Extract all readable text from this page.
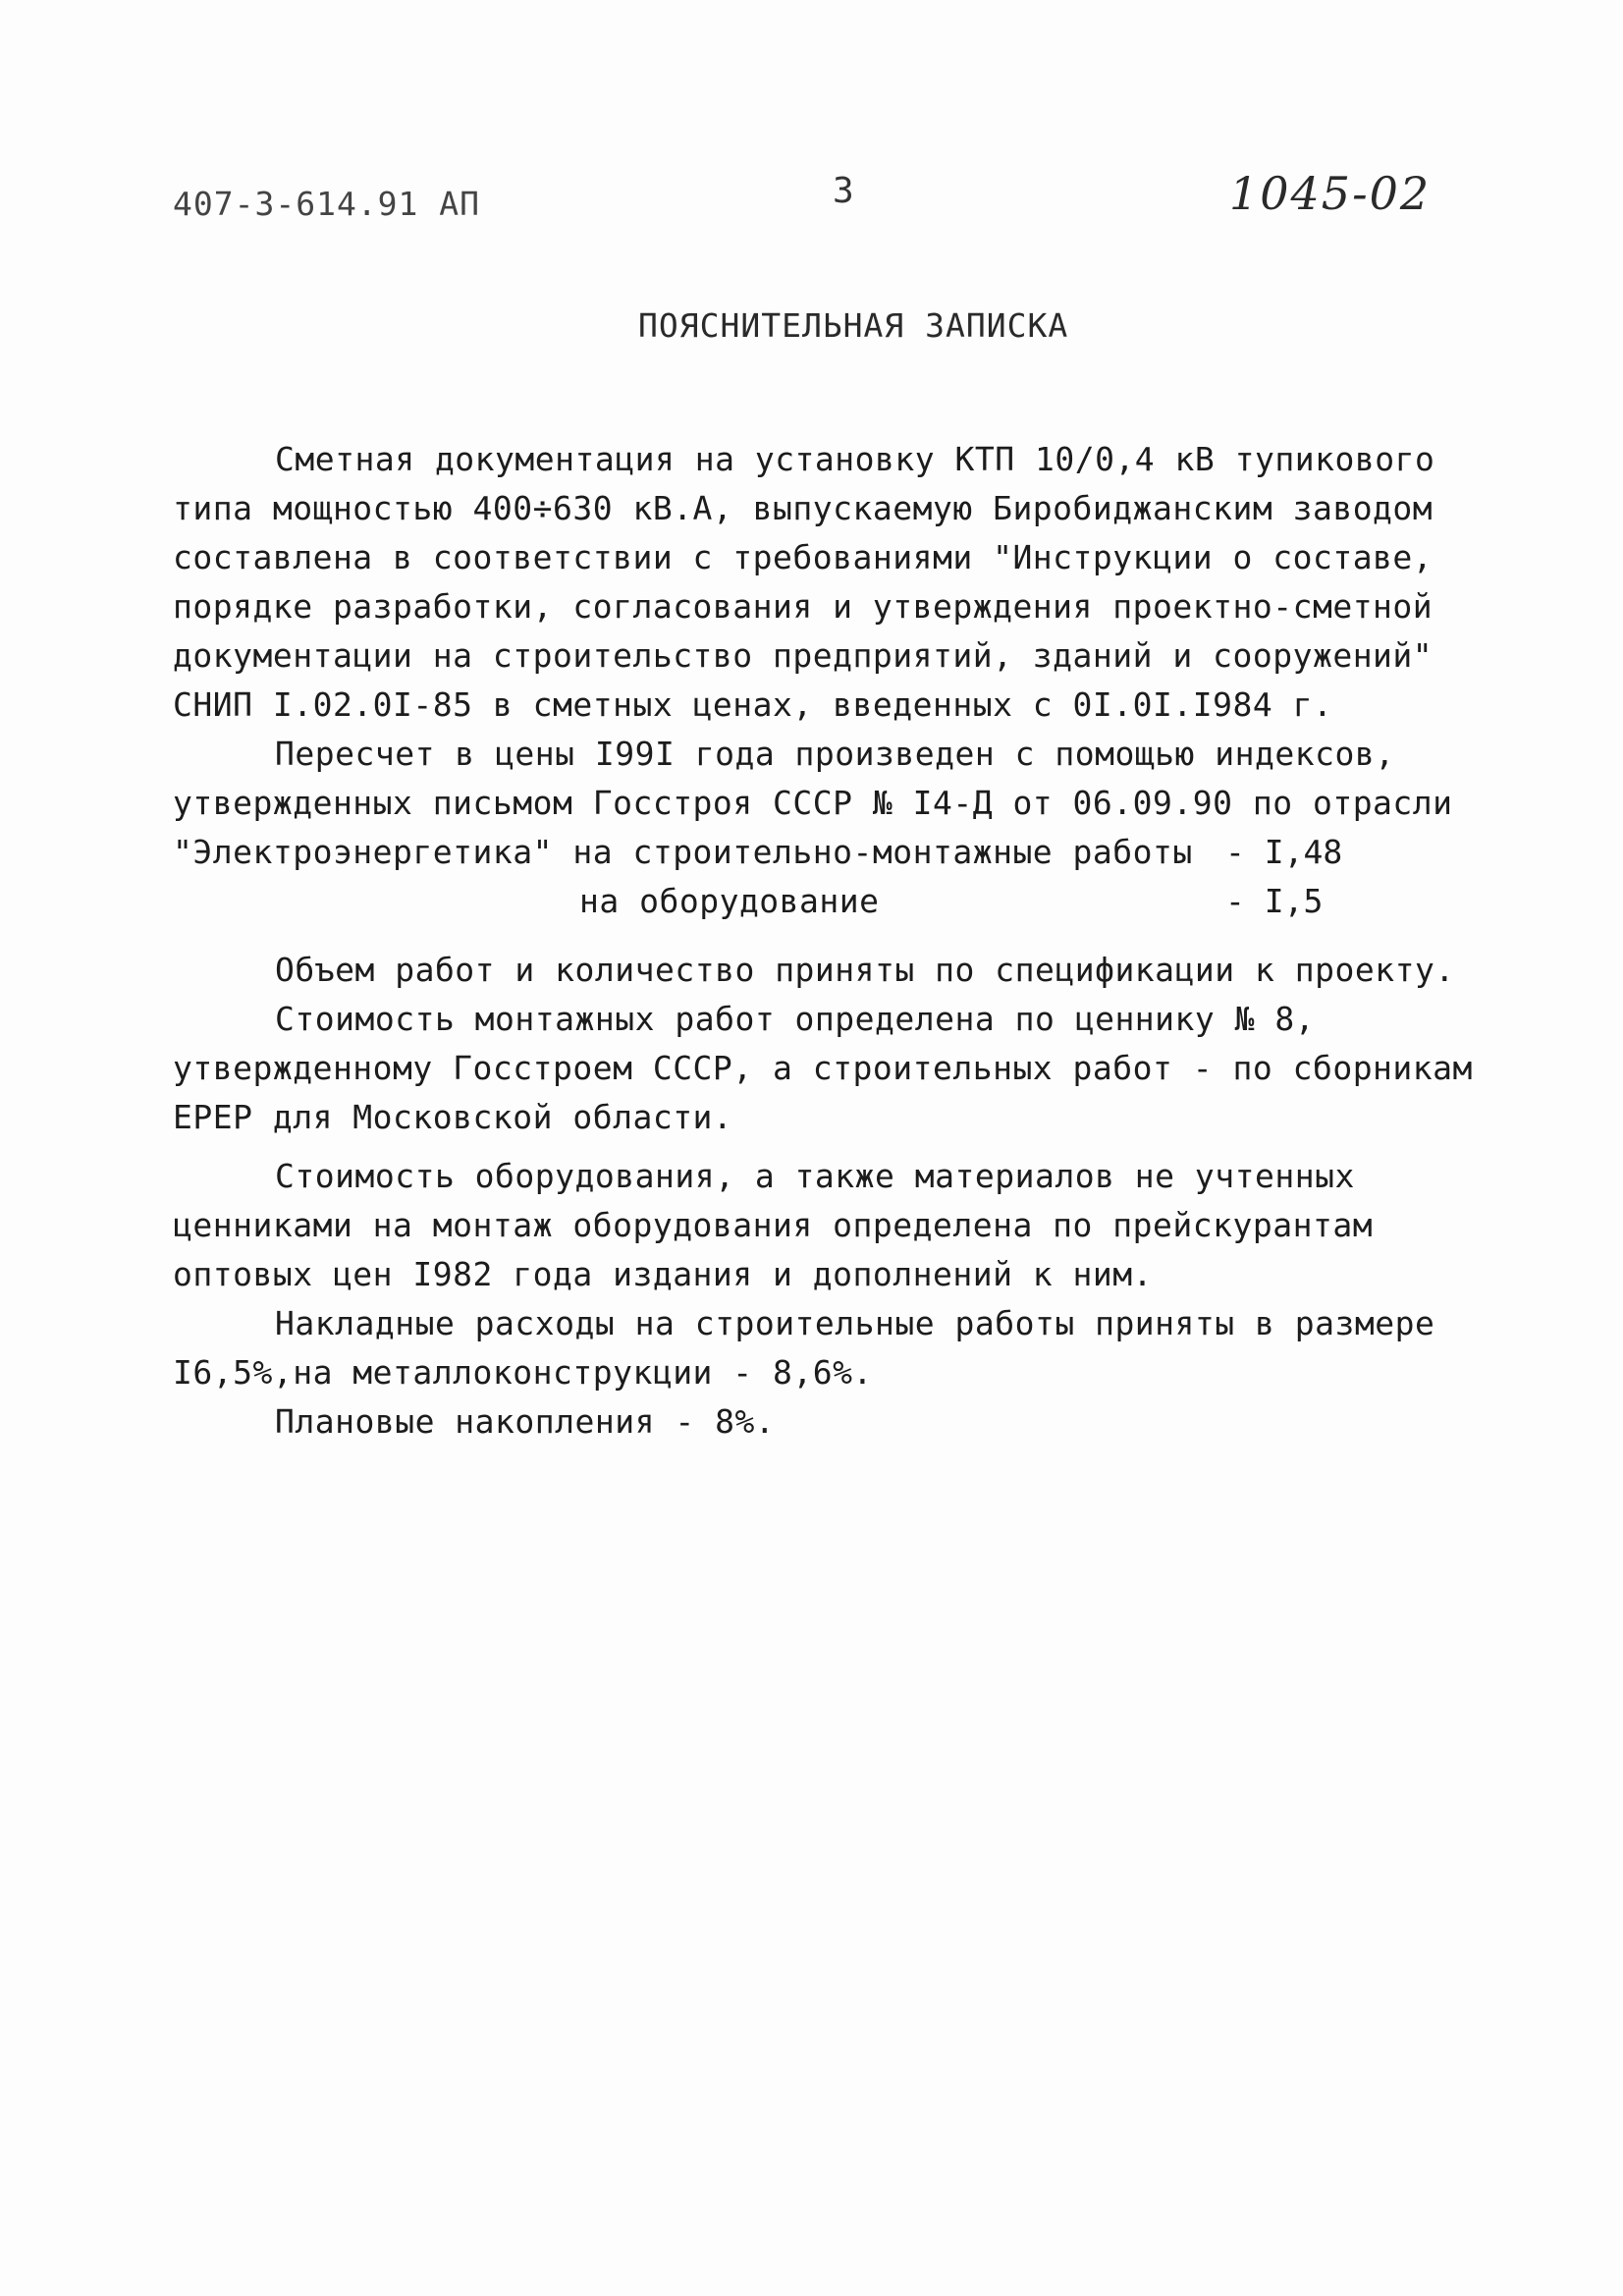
407-3-614.91 АП	3	1045-02
ПОЯСНИТЕЛЬНАЯ ЗАПИСКА
Сметная документация на установку КТП 10/0,4 кВ тупикового
типа мощностью 400÷630 кВ.А, выпускаемую Биробиджанским заводом
составлена в соответствии с требованиями "Инструкции о составе,
порядке разработки, согласования и утверждения проектно-сметной
документации на строительство предприятий, зданий и сооружений"
СНИП I.02.0I-85 в сметных ценах, введенных с 0I.0I.I984 г.
Пересчет в цены I99I года произведен с помощью индексов,
утвержденных письмом Госстроя СССР № I4-Д от 06.09.90 по отрасли
"Электроэнергетика" на строительно-монтажные работы - I,48
на оборудование	- I,5
Объем работ и количество приняты по спецификации к проекту.
Стоимость монтажных работ определена по ценнику № 8,
утвержденному Госстроем СССР, а строительных работ - по сборникам
ЕРЕР для Московской области.
Стоимость оборудования, а также материалов не учтенных
ценниками на монтаж оборудования определена по прейскурантам
оптовых цен I982 года издания и дополнений к ним.
Накладные расходы на строительные работы приняты в размере
I6,5%,на металлоконструкции - 8,6%.
Плановые накопления - 8%.
